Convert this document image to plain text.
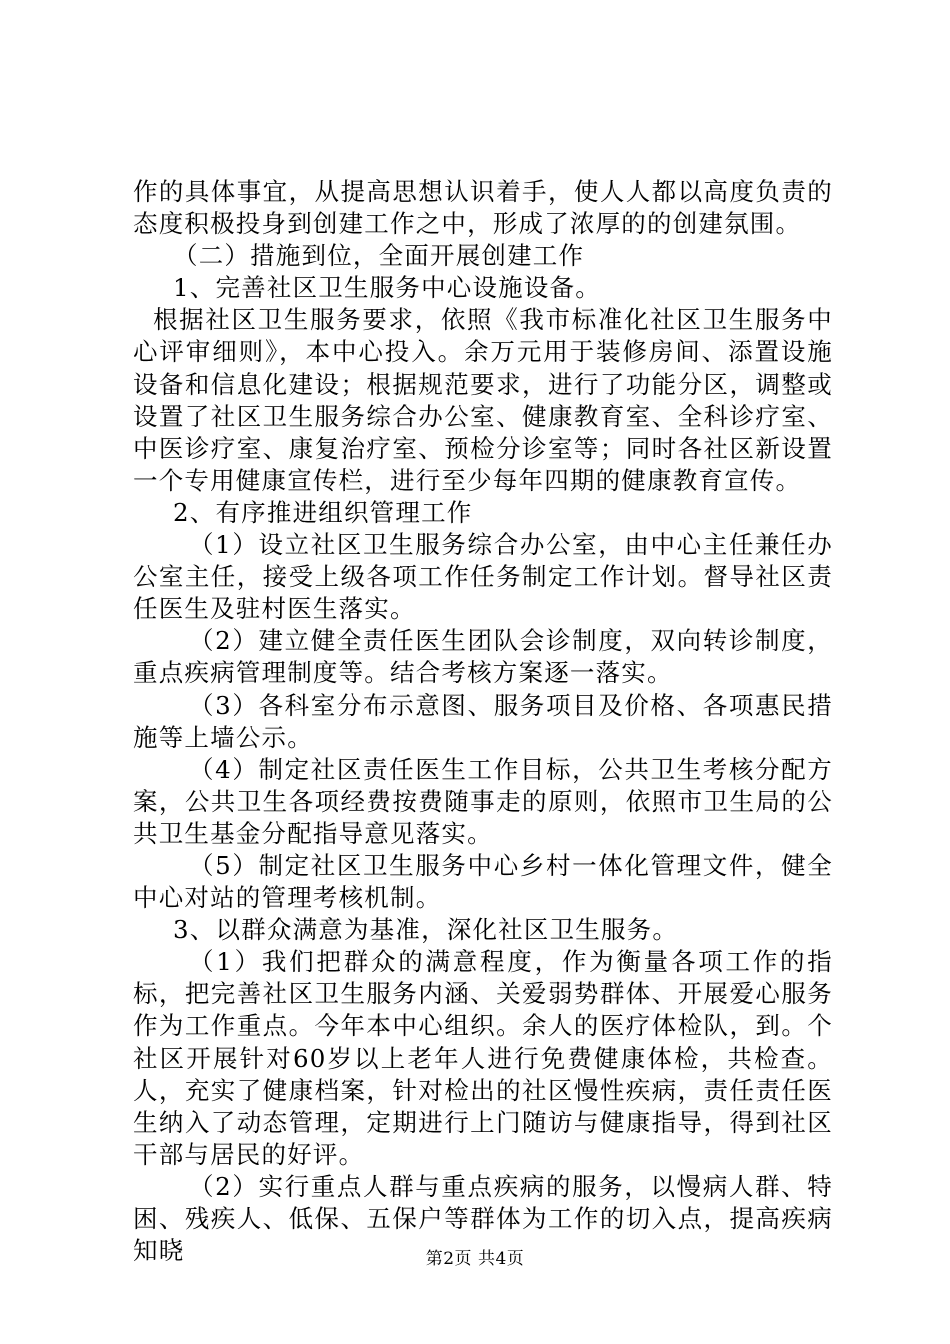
作的具体事宜，从提高思想认识着手，使人人都以高度负责的态度积极投身到创建工作之中，形成了浓厚的的创建氛围。

（二）措施到位，全面开展创建工作

1、完善社区卫生服务中心设施设备。

根据社区卫生服务要求，依照《我市标准化社区卫生服务中心评审细则》，本中心投入。余万元用于装修房间、添置设施设备和信息化建设；根据规范要求，进行了功能分区，调整或设置了社区卫生服务综合办公室、健康教育室、全科诊疗室、中医诊疗室、康复治疗室、预检分诊室等；同时各社区新设置一个专用健康宣传栏，进行至少每年四期的健康教育宣传。

2、有序推进组织管理工作

（1）设立社区卫生服务综合办公室，由中心主任兼任办公室主任，接受上级各项工作任务制定工作计划。督导社区责任医生及驻村医生落实。

（2）建立健全责任医生团队会诊制度，双向转诊制度，重点疾病管理制度等。结合考核方案逐一落实。

（3）各科室分布示意图、服务项目及价格、各项惠民措施等上墙公示。

（4）制定社区责任医生工作目标，公共卫生考核分配方案，公共卫生各项经费按费随事走的原则，依照市卫生局的公共卫生基金分配指导意见落实。

（5）制定社区卫生服务中心乡村一体化管理文件，健全中心对站的管理考核机制。

3、以群众满意为基准，深化社区卫生服务。

（1）我们把群众的满意程度，作为衡量各项工作的指标，把完善社区卫生服务内涵、关爱弱势群体、开展爱心服务作为工作重点。今年本中心组织。余人的医疗体检队，到。个社区开展针对60岁以上老年人进行免费健康体检，共检查。人，充实了健康档案，针对检出的社区慢性疾病，责任责任医生纳入了动态管理，定期进行上门随访与健康指导，得到社区干部与居民的好评。

（2）实行重点人群与重点疾病的服务，以慢病人群、特困、残疾人、低保、五保户等群体为工作的切入点，提高疾病知晓	第2页 共4页
